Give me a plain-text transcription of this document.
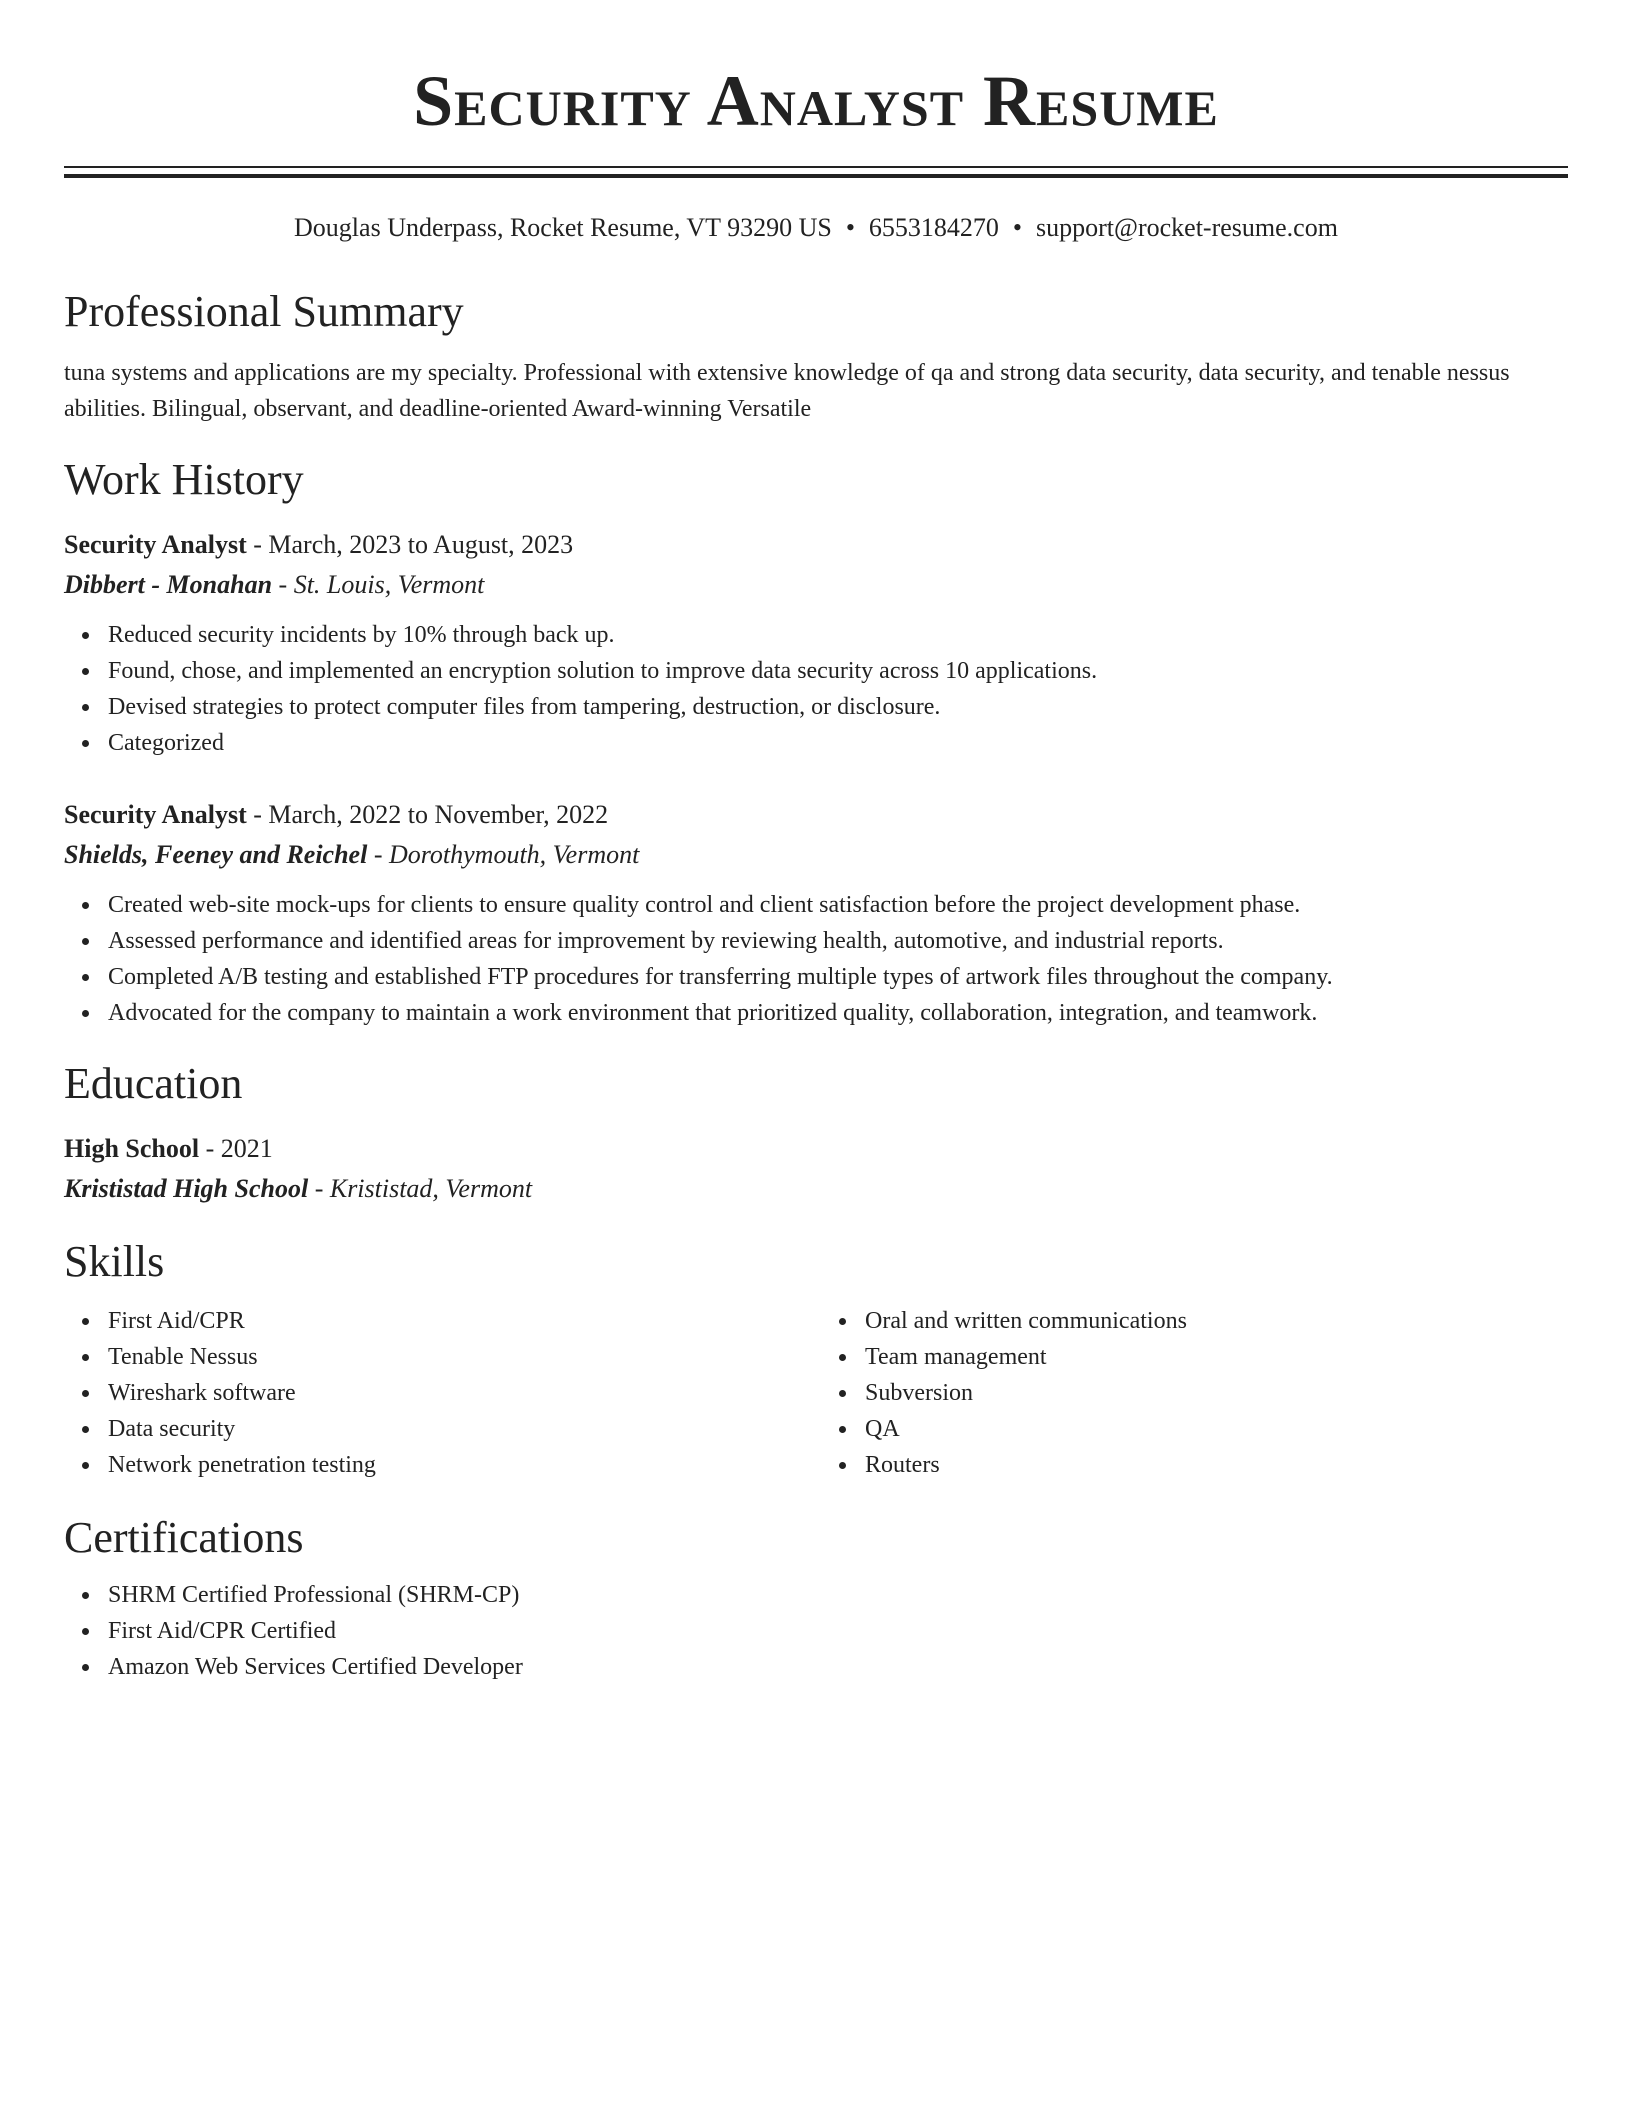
Security Analyst Resume
Douglas Underpass, Rocket Resume, VT 93290 US • 6553184270 • support@rocket-resume.com
Professional Summary

tuna systems and applications are my specialty. Professional with extensive knowledge of qa and strong data security, data security, and tenable nessus abilities. Bilingual, observant, and deadline-oriented Award-winning Versatile

Work History
Security Analyst - March, 2023 to August, 2023
Dibbert - Monahan - St. Louis, Vermont
Reduced security incidents by 10% through back up.
Found, chose, and implemented an encryption solution to improve data security across 10 applications.
Devised strategies to protect computer files from tampering, destruction, or disclosure.
Categorized
Security Analyst - March, 2022 to November, 2022
Shields, Feeney and Reichel - Dorothymouth, Vermont
Created web-site mock-ups for clients to ensure quality control and client satisfaction before the project development phase.
Assessed performance and identified areas for improvement by reviewing health, automotive, and industrial reports.
Completed A/B testing and established FTP procedures for transferring multiple types of artwork files throughout the company.
Advocated for the company to maintain a work environment that prioritized quality, collaboration, integration, and teamwork.
Education
High School - 2021
Krististad High School - Krististad, Vermont
Skills
First Aid/CPR
Tenable Nessus
Wireshark software
Data security
Network penetration testing
Oral and written communications
Team management
Subversion
QA
Routers
Certifications
SHRM Certified Professional (SHRM-CP)
First Aid/CPR Certified
Amazon Web Services Certified Developer
